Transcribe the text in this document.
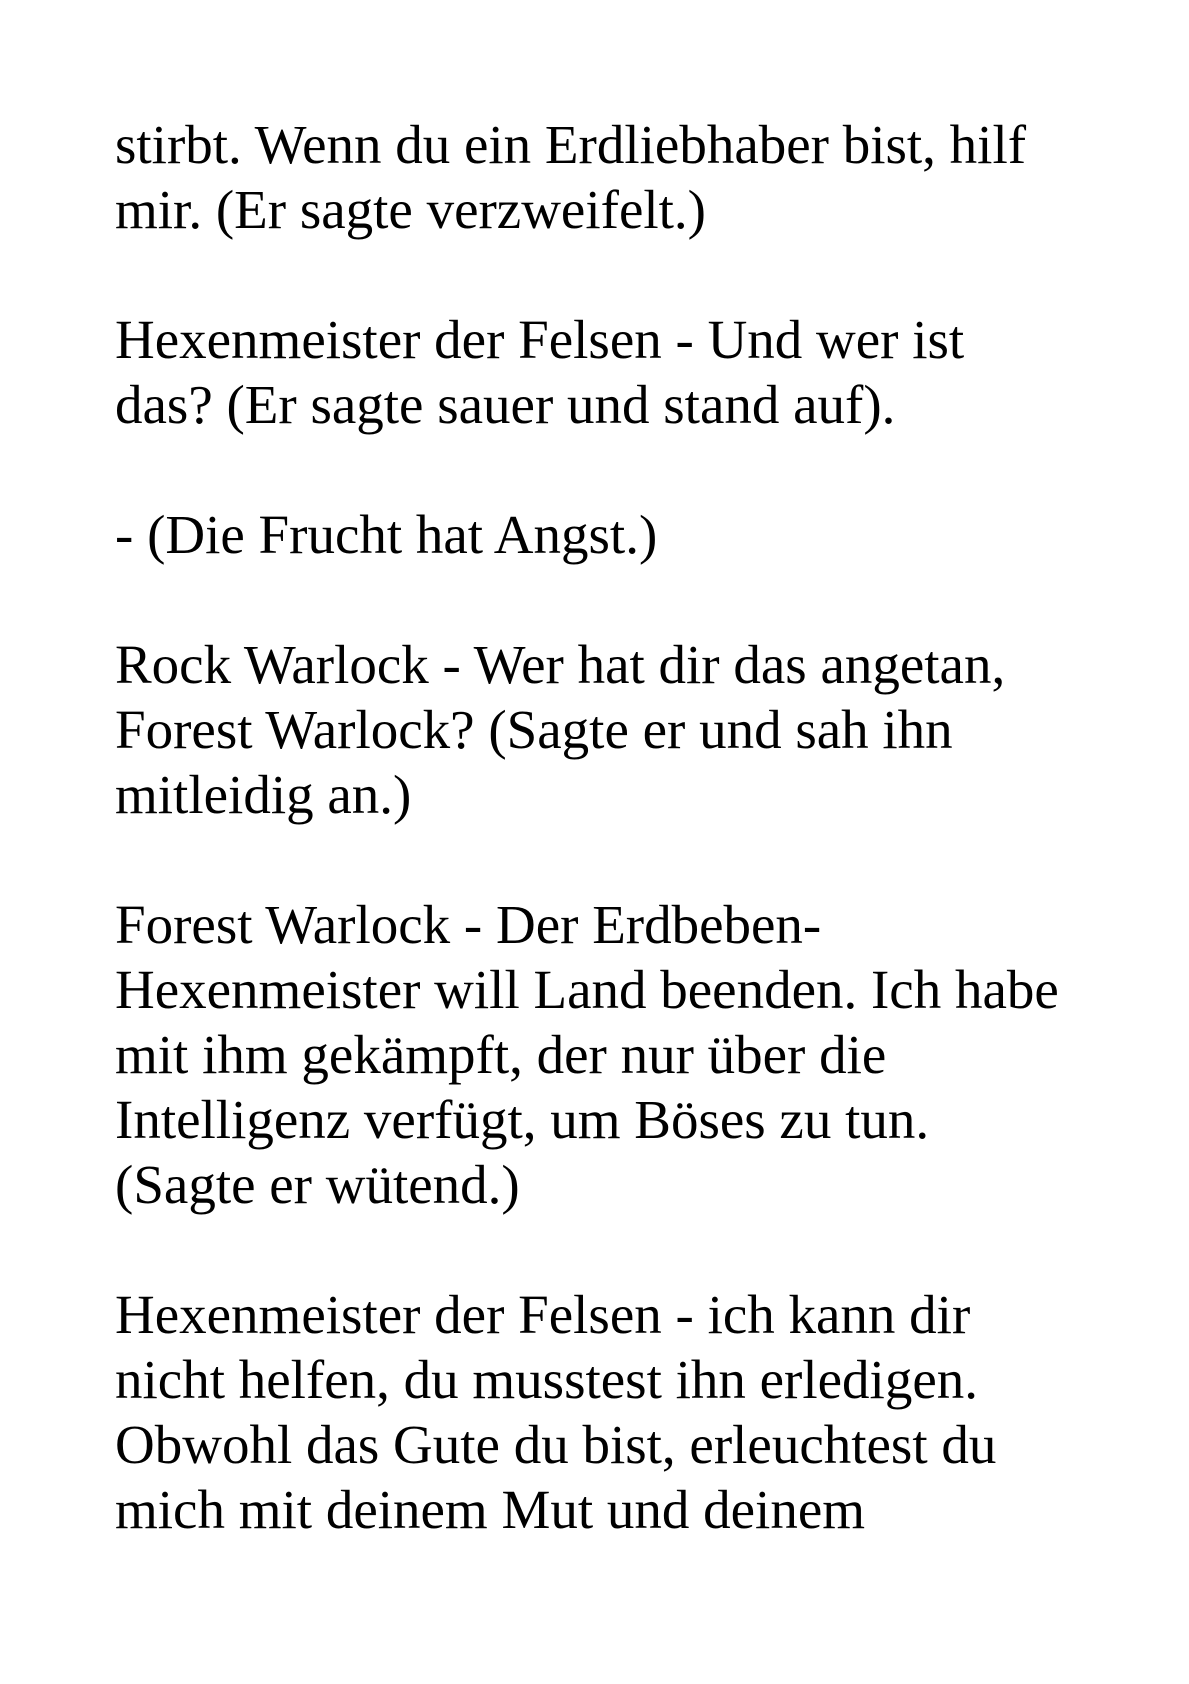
stirbt. Wenn du ein Erdliebhaber bist, hilf
mir. (Er sagte verzweifelt.)

Hexenmeister der Felsen - Und wer ist
das? (Er sagte sauer und stand auf).

- (Die Frucht hat Angst.)

Rock Warlock - Wer hat dir das angetan,
Forest Warlock? (Sagte er und sah ihn
mitleidig an.)

Forest Warlock - Der Erdbeben-
Hexenmeister will Land beenden. Ich habe
mit ihm gekämpft, der nur über die
Intelligenz verfügt, um Böses zu tun.
(Sagte er wütend.)

Hexenmeister der Felsen - ich kann dir
nicht helfen, du musstest ihn erledigen.
Obwohl das Gute du bist, erleuchtest du
mich mit deinem Mut und deinem
